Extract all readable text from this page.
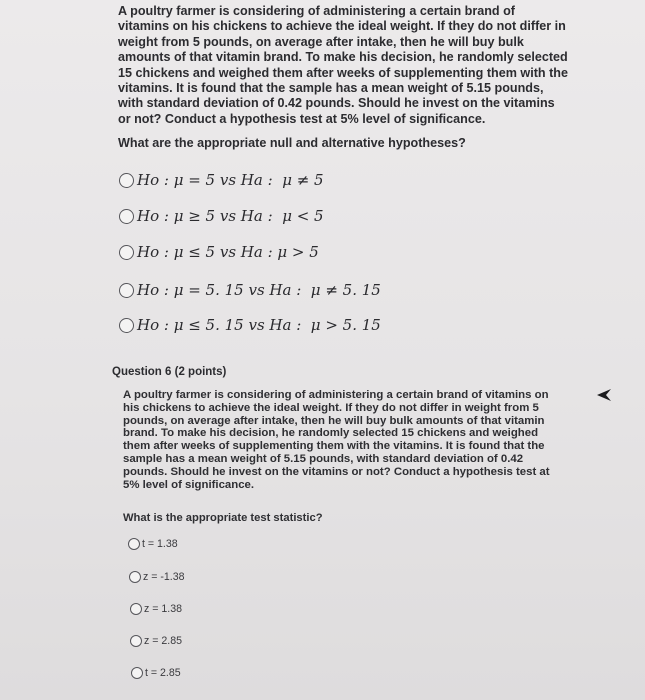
A poultry farmer is considering of administering a certain brand of vitamins on his chickens to achieve the ideal weight. If they do not differ in weight from 5 pounds, on average after intake, then he will buy bulk amounts of that vitamin brand. To make his decision, he randomly selected 15 chickens and weighed them after weeks of supplementing them with the vitamins. It is found that the sample has a mean weight of 5.15 pounds, with standard deviation of 0.42 pounds. Should he invest on the vitamins or not? Conduct a hypothesis test at 5% level of significance.
What are the appropriate null and alternative hypotheses?
Ho : μ = 5 vs Ha :  μ ≠ 5
Ho : μ ≥ 5 vs Ha :  μ < 5
Ho : μ ≤ 5 vs Ha : μ > 5
Ho : μ = 5. 15 vs Ha :  μ ≠ 5. 15
Ho : μ ≤ 5. 15 vs Ha :  μ > 5. 15
Question 6 (2 points)
A poultry farmer is considering of administering a certain brand of vitamins on his chickens to achieve the ideal weight. If they do not differ in weight from 5 pounds, on average after intake, then he will buy bulk amounts of that vitamin brand. To make his decision, he randomly selected 15 chickens and weighed them after weeks of supplementing them with the vitamins. It is found that the sample has a mean weight of 5.15 pounds, with standard deviation of 0.42 pounds. Should he invest on the vitamins or not? Conduct a hypothesis test at 5% level of significance.
What is the appropriate test statistic?
t = 1.38
z = -1.38
z = 1.38
z = 2.85
t = 2.85
